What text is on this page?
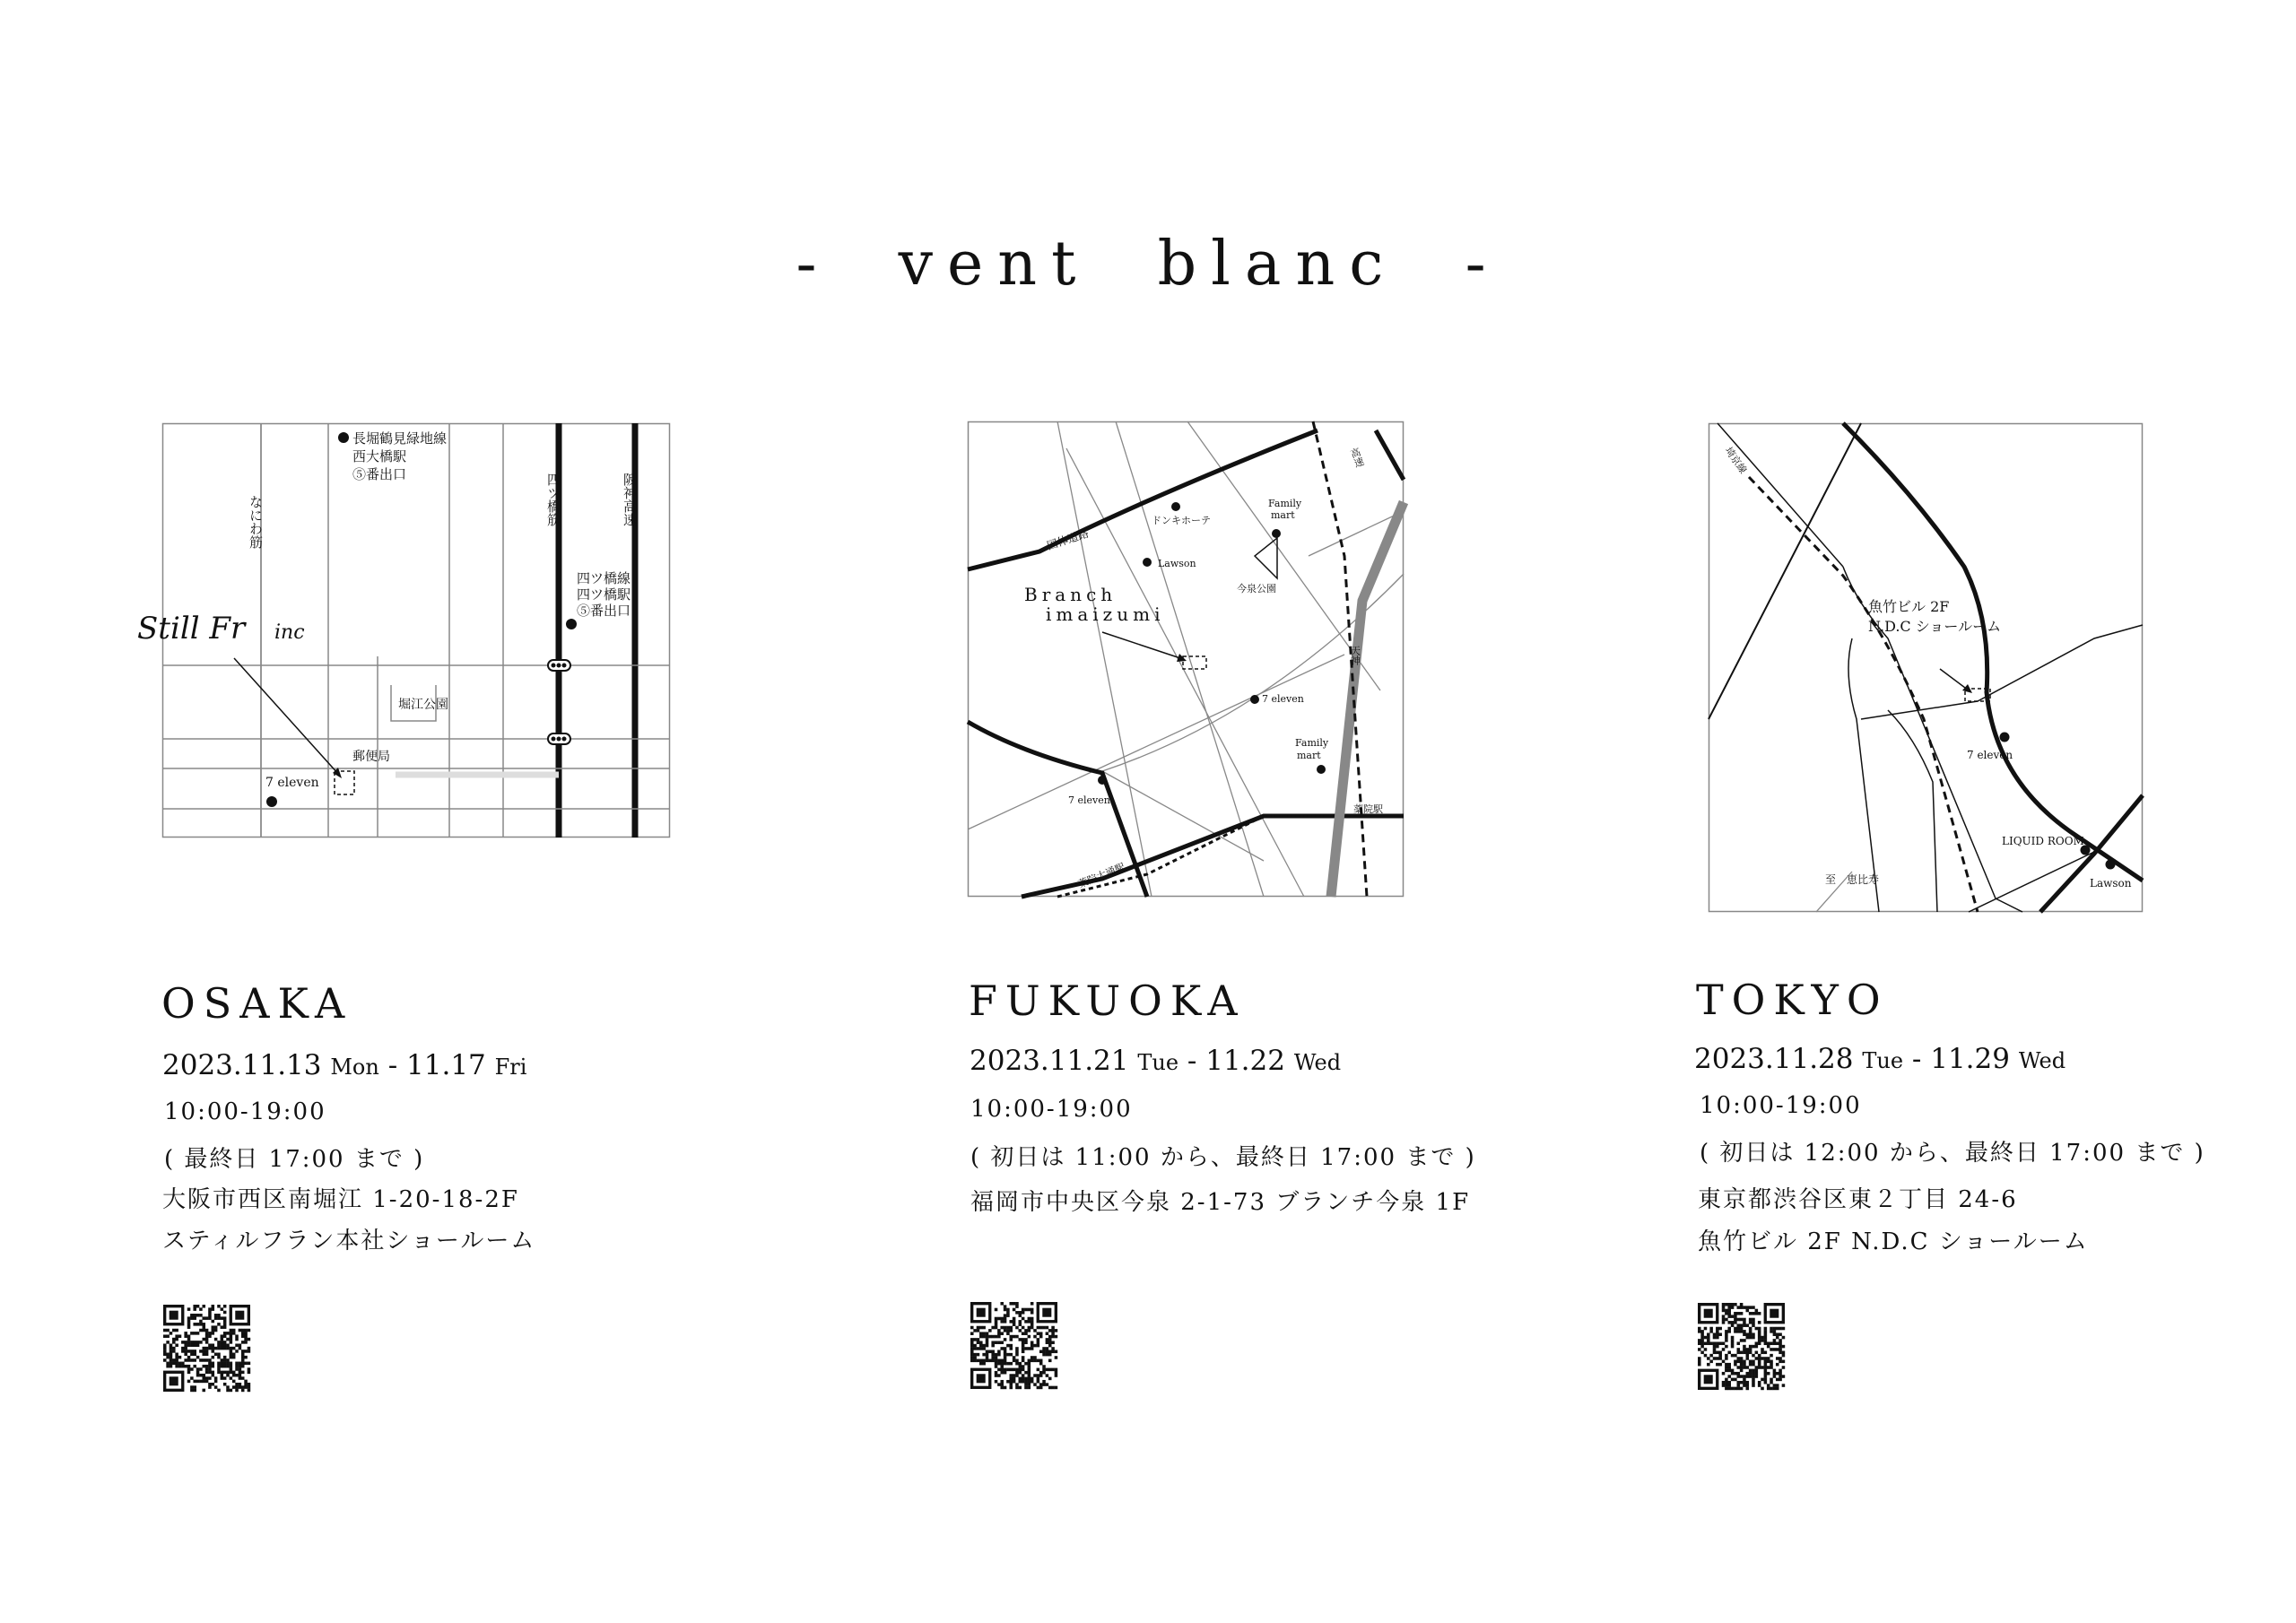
-  vent  blanc  -
長堀鶴見緑地線
西大橋駅
⑤番出口
なにわ筋	四ツ橋筋	阪神高速
四ツ橋線
四ツ橋駅
⑤番出口
Still Fr inc
堀江公園
郵便局
7 eleven
国体道路
ドンキホーテ
Lawson
Family
mart
今泉公園
Branch
imaizumi
7 eleven
Family
mart
7 eleven
薬院駅
薬院大通駅
天神
高速
魚竹ビル 2F
N.D.C ショールーム
7 eleven
LIQUID ROOM
Lawson
至　恵比寿
埼京線
OSAKA
2023.11.13 Mon - 11.17 Fri
10:00-19:00
( 最終日 17:00 まで )
大阪市西区南堀江 1-20-18-2F
スティルフラン本社ショールーム
FUKUOKA
2023.11.21 Tue - 11.22 Wed
10:00-19:00
( 初日は 11:00 から、最終日 17:00 まで )
福岡市中央区今泉 2-1-73 ブランチ今泉 1F
TOKYO
2023.11.28 Tue - 11.29 Wed
10:00-19:00
( 初日は 12:00 から、最終日 17:00 まで )
東京都渋谷区東２丁目 24-6
魚竹ビル 2F N.D.C ショールーム
